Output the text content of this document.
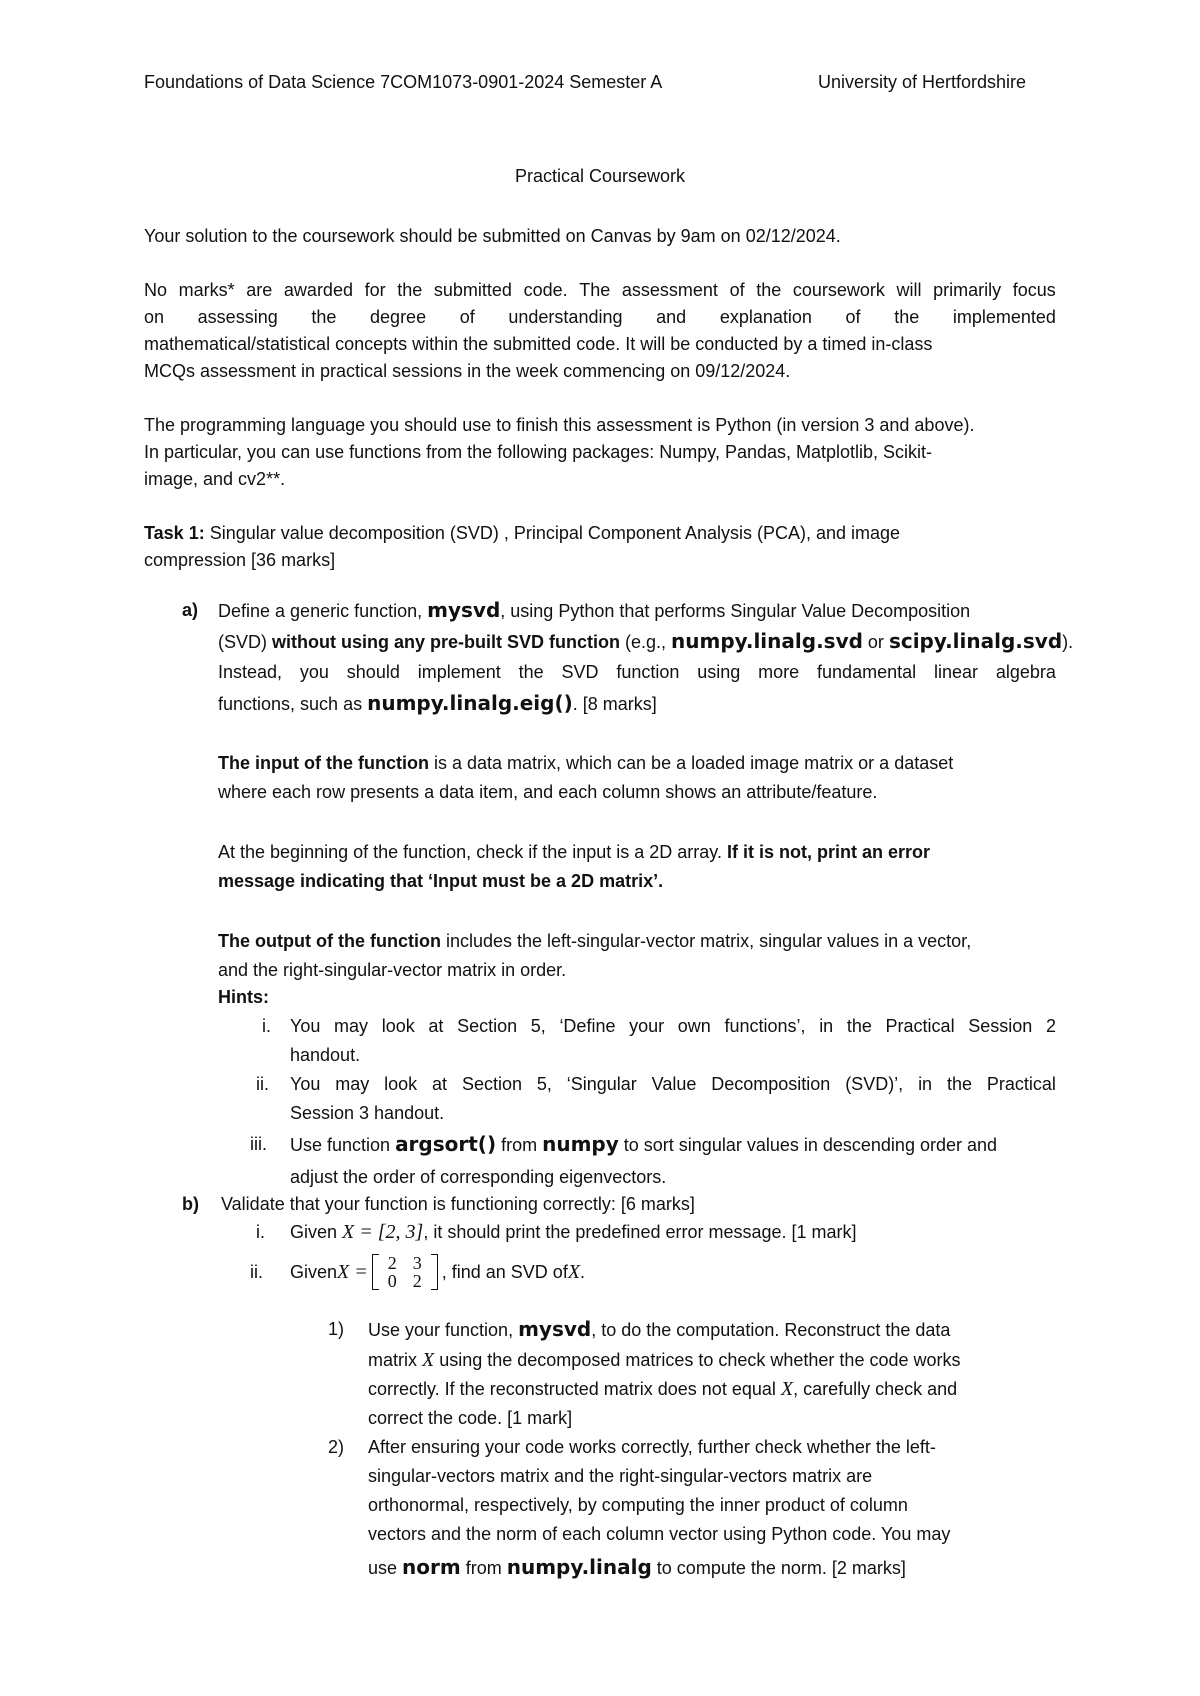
Foundations of Data Science 7COM1073-0901-2024 Semester A	University of Hertfordshire
Practical Coursework
Your solution to the coursework should be submitted on Canvas by 9am on 02/12/2024.
No marks* are awarded for the submitted code. The assessment of the coursework will primarily focus
on assessing the degree of understanding and explanation of the implemented
mathematical/statistical concepts within the submitted code. It will be conducted by a timed in-class
MCQs assessment in practical sessions in the week commencing on 09/12/2024.
The programming language you should use to finish this assessment is Python (in version 3 and above).
In particular, you can use functions from the following packages: Numpy, Pandas, Matplotlib, Scikit-
image, and cv2**.
Task 1: Singular value decomposition (SVD) , Principal Component Analysis (PCA), and image
compression [36 marks]
a) Define a generic function, mysvd, using Python that performs Singular Value Decomposition
(SVD) without using any pre-built SVD function (e.g., numpy.linalg.svd or scipy.linalg.svd).
Instead, you should implement the SVD function using more fundamental linear algebra
functions, such as numpy.linalg.eig(). [8 marks]
The input of the function is a data matrix, which can be a loaded image matrix or a dataset
where each row presents a data item, and each column shows an attribute/feature.
At the beginning of the function, check if the input is a 2D array. If it is not, print an error
message indicating that ‘Input must be a 2D matrix’.
The output of the function includes the left-singular-vector matrix, singular values in a vector,
and the right-singular-vector matrix in order.
Hints:
i. You may look at Section 5, ‘Define your own functions’, in the Practical Session 2
handout.
ii. You may look at Section 5, ‘Singular Value Decomposition (SVD)’, in the Practical
Session 3 handout.
iii. Use function argsort() from numpy to sort singular values in descending order and
adjust the order of corresponding eigenvectors.
b) Validate that your function is functioning correctly: [6 marks]
i. Given X = [2, 3], it should print the predefined error message. [1 mark]
ii. Given X = 2	3
0	2 , find an SVD of X .
1) Use your function, mysvd, to do the computation. Reconstruct the data
matrix X using the decomposed matrices to check whether the code works
correctly. If the reconstructed matrix does not equal X, carefully check and
correct the code. [1 mark]
2) After ensuring your code works correctly, further check whether the left-
singular-vectors matrix and the right-singular-vectors matrix are
orthonormal, respectively, by computing the inner product of column
vectors and the norm of each column vector using Python code. You may
use norm from numpy.linalg to compute the norm. [2 marks]
